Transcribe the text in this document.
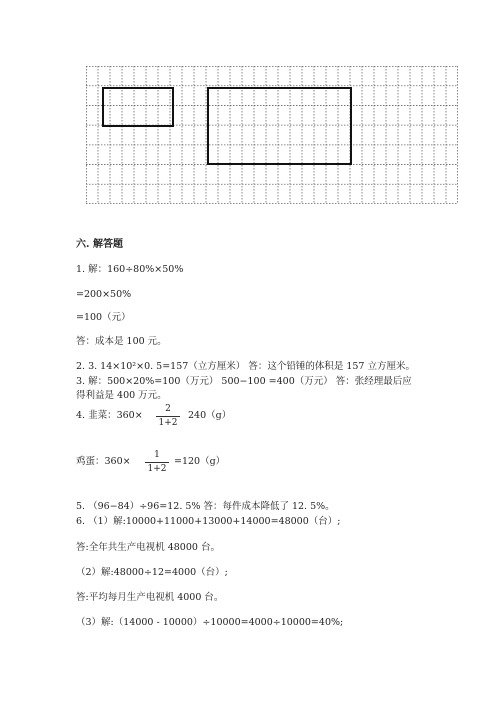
六. 解答题
1. 解：160÷80%×50%
=200×50%
=100（元）
答：成本是 100 元。
2. 3. 14×10²×0. 5=157（立方厘米） 答：这个铅锤的体积是 157 立方厘米。
3. 解：500×20%=100（万元） 500−100 =400（万元） 答：张经理最后应
得利益是 400 万元。
4. 韭菜：360×
2
1+2
240（g）
鸡蛋：360×
1
1+2
=120（g）
5. （96−84）÷96=12. 5% 答：每件成本降低了 12. 5%。
6. （1）解:10000+11000+13000+14000=48000（台）;
答:全年共生产电视机 48000 台。
（2）解:48000÷12=4000（台）;
答:平均每月生产电视机 4000 台。
（3）解:（14000 - 10000）÷10000=4000÷10000=40%;
